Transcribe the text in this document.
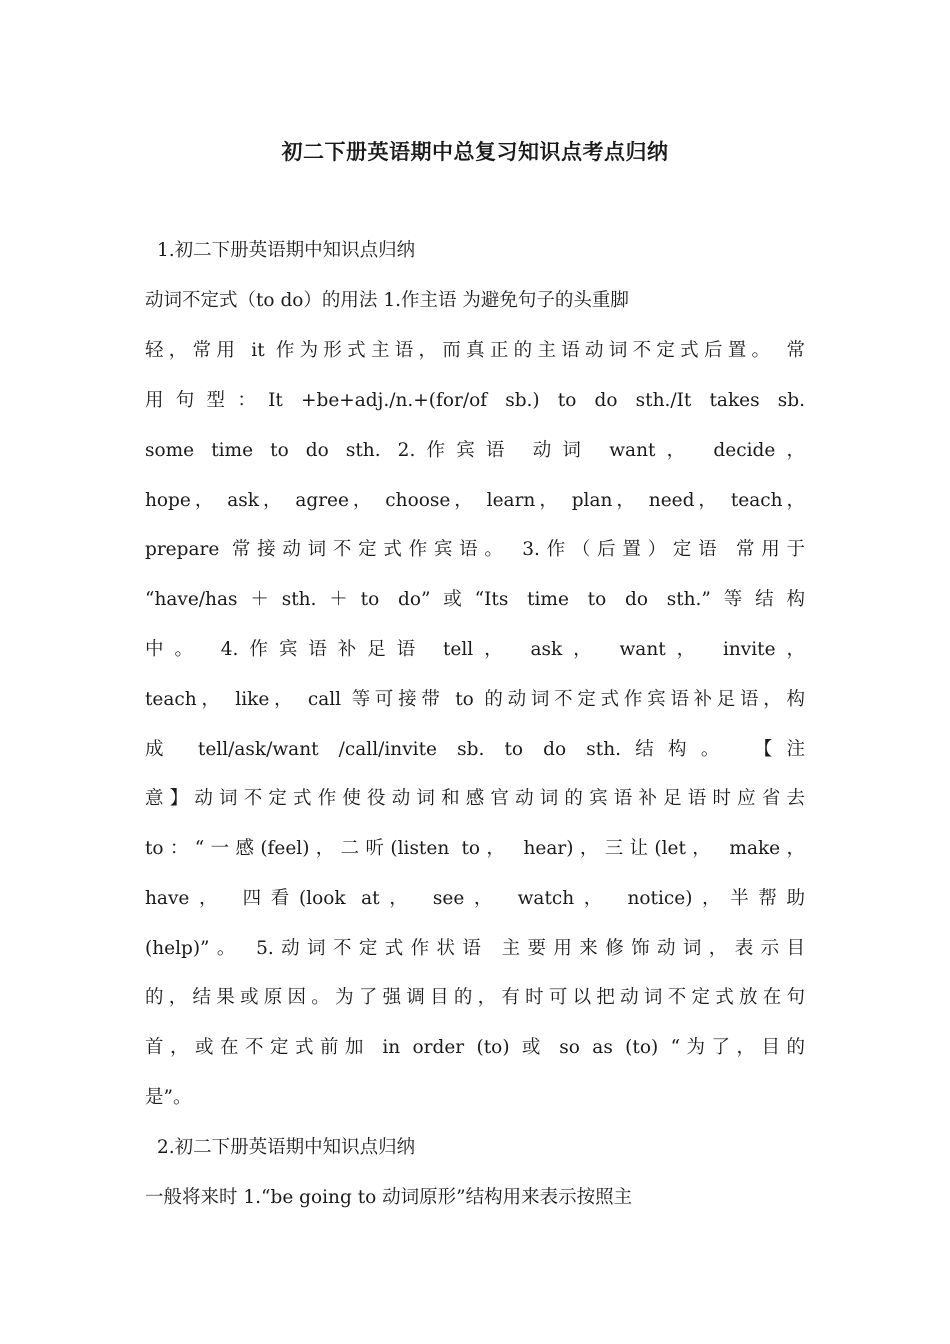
初二下册英语期中总复习知识点考点归纳

1.初二下册英语期中知识点归纳

动词不定式（to do）的用法 1.作主语 为避免句子的头重脚

轻，常用 it 作为形式主语，而真正的主语动词不定式后置。 常

用句型：It +be+adj./n.+(for/of sb.) to do sth./It takes sb.

some time to do sth. 2.作宾语 动词 want， decide，

hope， ask， agree， choose， learn， plan， need， teach，

prepare 常接动词不定式作宾语。 3.作（后置）定语 常用于

“have/has＋sth.＋to do”或“Its time to do sth.”等结构

中。 4.作宾语补足语 tell， ask， want， invite，

teach， like， call 等可接带 to 的动词不定式作宾语补足语，构

成 tell/ask/want /call/invite sb. to do sth.结构。 【注

意】动词不定式作使役动词和感官动词的宾语补足语时应省去

to：“一感(feel)，二听(listen to， hear)，三让(let， make，

have， 四看(look at， see， watch， notice)，半帮助

(help)”。 5.动词不定式作状语 主要用来修饰动词，表示目

的，结果或原因。为了强调目的，有时可以把动词不定式放在句

首，或在不定式前加 in order (to) 或 so as (to) “为了，目的

是”。

2.初二下册英语期中知识点归纳

一般将来时 1.“be going to 动词原形”结构用来表示按照主
